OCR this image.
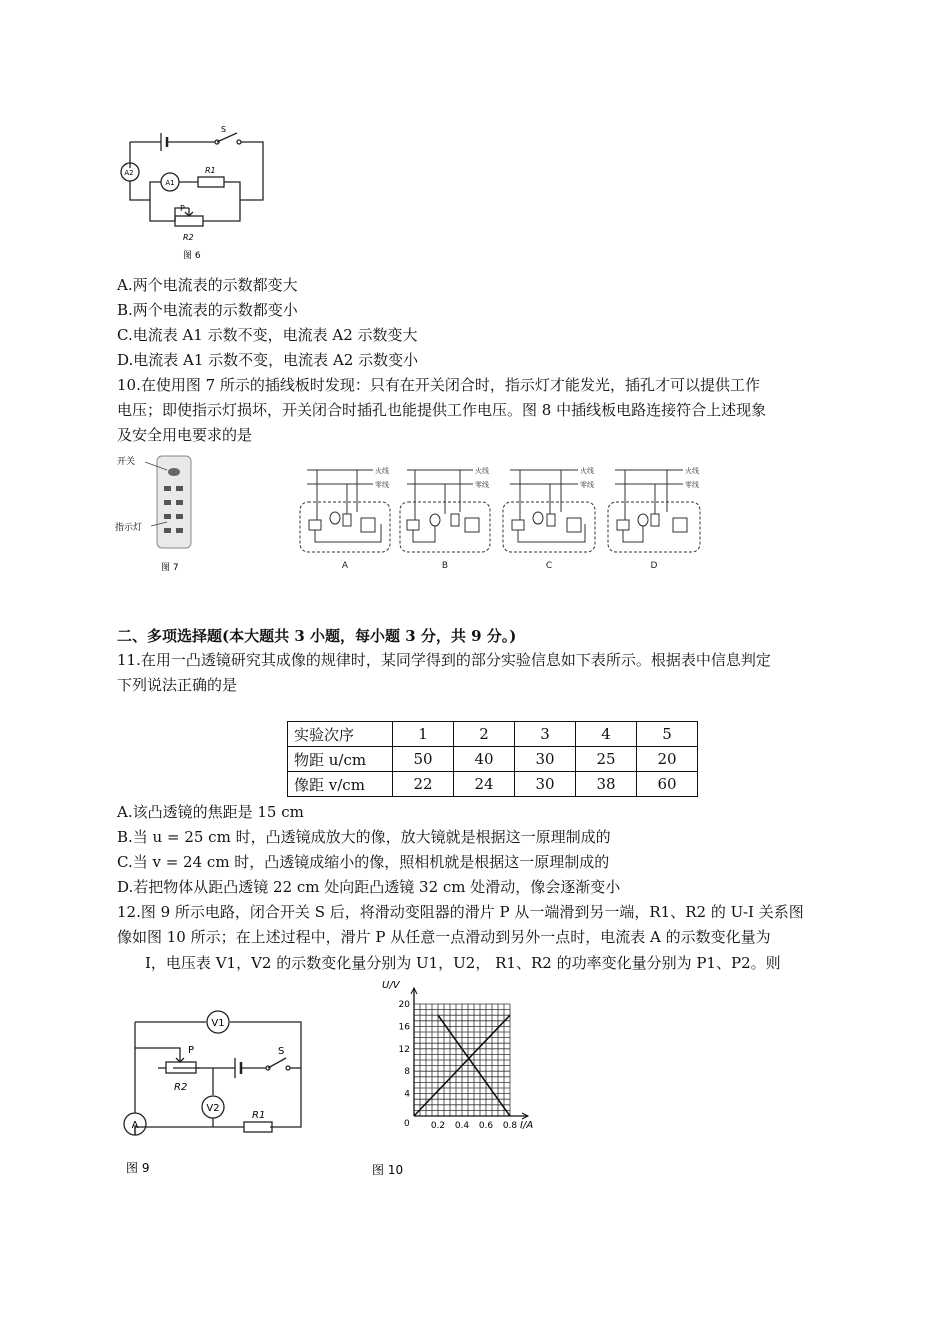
A2
A1
S
R1
P
R2
图 6
A.两个电流表的示数都变大
B.两个电流表的示数都变小
C.电流表 A1 示数不变，电流表 A2 示数变大
D.电流表 A1 示数不变，电流表 A2 示数变小
10.在使用图 7 所示的插线板时发现：只有在开关闭合时，指示灯才能发光，插孔才可以提供工作
电压；即使指示灯损坏，开关闭合时插孔也能提供工作电压。图 8 中插线板电路连接符合上述现象
及安全用电要求的是
开关
指示灯
图 7
火线
零线
火线
零线
火线
零线
火线
零线
A	B	C	D
二、多项选择题(本大题共 3 小题，每小题 3 分，共 9 分。)
11.在用一凸透镜研究其成像的规律时，某同学得到的部分实验信息如下表所示。根据表中信息判定
下列说法正确的是
实验次序	1	2	3	4	5
物距 u/cm	50	40	30	25	20
像距 v/cm	22	24	30	38	60
A.该凸透镜的焦距是 15 cm
B.当 u = 25 cm 时，凸透镜成放大的像，放大镜就是根据这一原理制成的
C.当 v = 24 cm 时，凸透镜成缩小的像，照相机就是根据这一原理制成的
D.若把物体从距凸透镜 22 cm 处向距凸透镜 32 cm 处滑动，像会逐渐变小
12.图 9 所示电路，闭合开关 S 后，将滑动变阻器的滑片 P 从一端滑到另一端，R1、R2 的 U-I 关系图
像如图 10 所示；在上述过程中，滑片 P 从任意一点滑动到另外一点时，电流表 A 的示数变化量为
I，电压表 V1，V2 的示数变化量分别为 U1，U2， R1、R2 的功率变化量分别为 P1、P2。则
V1
V2
A
P	S
R2
R1
图 9
U/V
I/A
0
4
8
12
16
20
0.2 0.4 0.6 0.8
图 10
